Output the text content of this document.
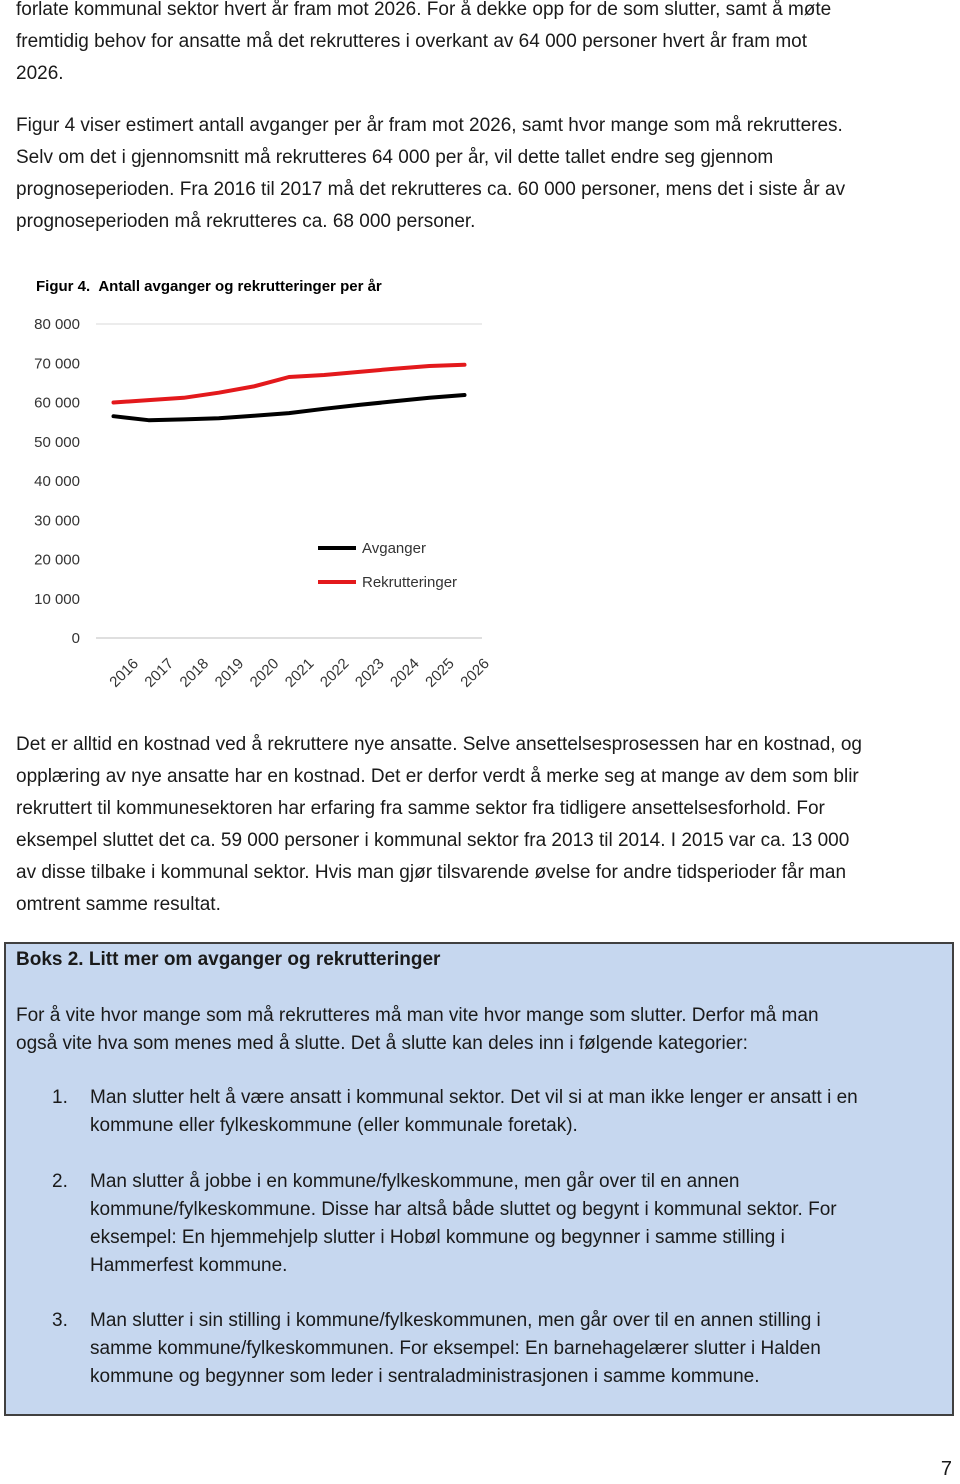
forlate kommunal sektor hvert år fram mot 2026. For å dekke opp for de som slutter, samt å møte
fremtidig behov for ansatte må det rekrutteres i overkant av 64 000 personer hvert år fram mot
2026.
Figur 4 viser estimert antall avganger per år fram mot 2026, samt hvor mange som må rekrutteres.
Selv om det i gjennomsnitt må rekrutteres 64 000 per år, vil dette tallet endre seg gjennom
prognoseperioden. Fra 2016 til 2017 må det rekrutteres ca. 60 000 personer, mens det i siste år av
prognoseperioden må rekrutteres ca. 68 000 personer.
Figur 4. Antall avganger og rekrutteringer per år
0
10 000
20 000
30 000
40 000
50 000
60 000
70 000
80 000
2016 2017 2018 2019 2020 2021 2022 2023 2024 2025 2026
Avganger
Rekrutteringer
Det er alltid en kostnad ved å rekruttere nye ansatte. Selve ansettelsesprosessen har en kostnad, og
opplæring av nye ansatte har en kostnad. Det er derfor verdt å merke seg at mange av dem som blir
rekruttert til kommunesektoren har erfaring fra samme sektor fra tidligere ansettelsesforhold. For
eksempel sluttet det ca. 59 000 personer i kommunal sektor fra 2013 til 2014. I 2015 var ca. 13 000
av disse tilbake i kommunal sektor. Hvis man gjør tilsvarende øvelse for andre tidsperioder får man
omtrent samme resultat.
Boks 2. Litt mer om avganger og rekrutteringer
For å vite hvor mange som må rekrutteres må man vite hvor mange som slutter. Derfor må man
også vite hva som menes med å slutte. Det å slutte kan deles inn i følgende kategorier:
1.	Man slutter helt å være ansatt i kommunal sektor. Det vil si at man ikke lenger er ansatt i en
kommune eller fylkeskommune (eller kommunale foretak).
2.	Man slutter å jobbe i en kommune/fylkeskommune, men går over til en annen
kommune/fylkeskommune. Disse har altså både sluttet og begynt i kommunal sektor. For
eksempel: En hjemmehjelp slutter i Hobøl kommune og begynner i samme stilling i
Hammerfest kommune.
3.	Man slutter i sin stilling i kommune/fylkeskommunen, men går over til en annen stilling i
samme kommune/fylkeskommunen. For eksempel: En barnehagelærer slutter i Halden
kommune og begynner som leder i sentraladministrasjonen i samme kommune.
7
